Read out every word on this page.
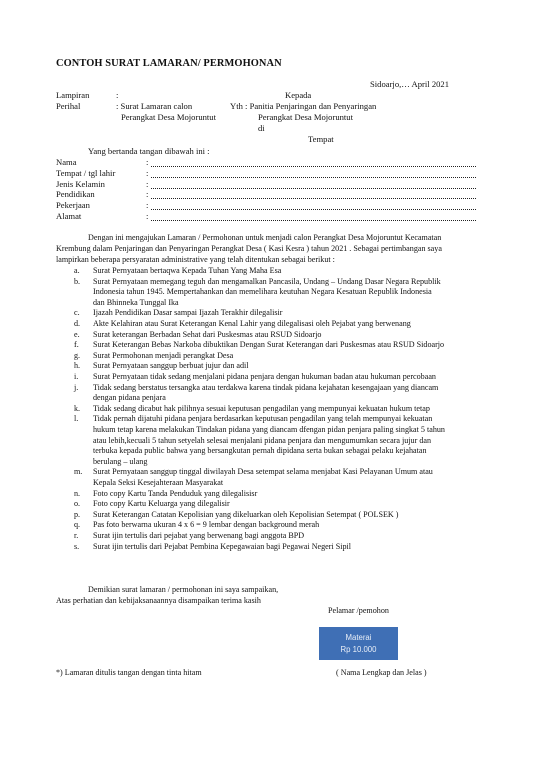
CONTOH SURAT LAMARAN/ PERMOHONAN
Sidoarjo,… April 2021
Lampiran	:	Kepada
Perihal	: Surat Lamaran calon	Yth : Panitia Penjaringan dan Penyaringan
Perangkat Desa Mojoruntut	Perangkat Desa Mojoruntut
di
Tempat
Yang bertanda tangan dibawah ini :
Nama	:
Tempat / tgl lahir	:
Jenis Kelamin	:
Pendidikan	:
Pekerjaan	:
Alamat	:
Dengan ini mengajukan Lamaran / Permohonan untuk menjadi calon Perangkat Desa Mojoruntut Kecamatan
Krembung dalam Penjaringan dan Penyaringan Perangkat Desa ( Kasi Kesra ) tahun 2021 . Sebagai pertimbangan saya
lampirkan beberapa persyaratan administrative yang telah ditentukan sebagai berikut :
a. Surat Pernyataan bertaqwa Kepada Tuhan Yang Maha Esa
b. Surat Pernyataan memegang teguh dan mengamalkan Pancasila, Undang – Undang Dasar Negara Republik
Indonesia tahun 1945. Mempertahankan dan memelihara keutuhan Negara Kesatuan Republik Indonesia
dan Bhinneka Tunggal Ika
c. Ijazah Pendidikan Dasar sampai Ijazah Terakhir dilegalisir
d. Akte Kelahiran atau Surat Keterangan Kenal Lahir yang dilegalisasi oleh Pejabat yang berwenang
e. Surat keterangan Berbadan Sehat dari Puskesmas atau RSUD Sidoarjo
f. Surat Keterangan Bebas Narkoba dibuktikan Dengan Surat Keterangan dari Puskesmas atau RSUD Sidoarjo
g. Surat Permohonan menjadi perangkat Desa
h. Surat Pernyataan sanggup berbuat jujur dan adil
i. Surat Pernyataan tidak sedang menjalani pidana penjara dengan hukuman badan atau hukuman percobaan
j. Tidak sedang berstatus tersangka atau terdakwa karena tindak pidana kejahatan kesengajaan yang diancam
dengan pidana penjara
k. Tidak sedang dicabut hak pilihnya sesuai keputusan pengadilan yang mempunyai kekuatan hukum tetap
l. Tidak pernah dijatuhi pidana penjara berdasarkan keputusan pengadilan yang telah mempunyai kekuatan
hukum tetap karena melakukan Tindakan pidana yang diancam dfengan pidan penjara paling singkat 5 tahun
atau lebih,kecuali 5 tahun setyelah selesai menjalani pidana penjara dan mengumumkan secara jujur dan
terbuka kepada public bahwa yang bersangkutan pernah dipidana serta bukan sebagai pelaku kejahatan
berulang – ulang
m. Surat Pernyataan sanggup tinggal diwilayah Desa setempat selama menjabat Kasi Pelayanan Umum atau
Kepala Seksi Kesejahteraan Masyarakat
n. Foto copy Kartu Tanda Penduduk yang dilegalisisr
o. Foto copy Kartu Keluarga yang dilegalisir
p. Surat Keterangan Catatan Kepolisian yang dikeluarkan oleh Kepolisian Setempat ( POLSEK )
q. Pas foto berwarna ukuran 4 x 6 = 9 lembar dengan background merah
r. Surat ijin tertulis dari pejabat yang berwenang bagi anggota BPD
s. Surat ijin tertulis dari Pejabat Pembina Kepegawaian bagi Pegawai Negeri Sipil
Demikian surat lamaran / permohonan ini saya sampaikan,
Atas perhatian dan kebijaksanaannya disampaikan terima kasih
Pelamar /pemohon
Materai
Rp 10.000
*) Lamaran ditulis tangan dengan tinta hitam	( Nama Lengkap dan Jelas )
